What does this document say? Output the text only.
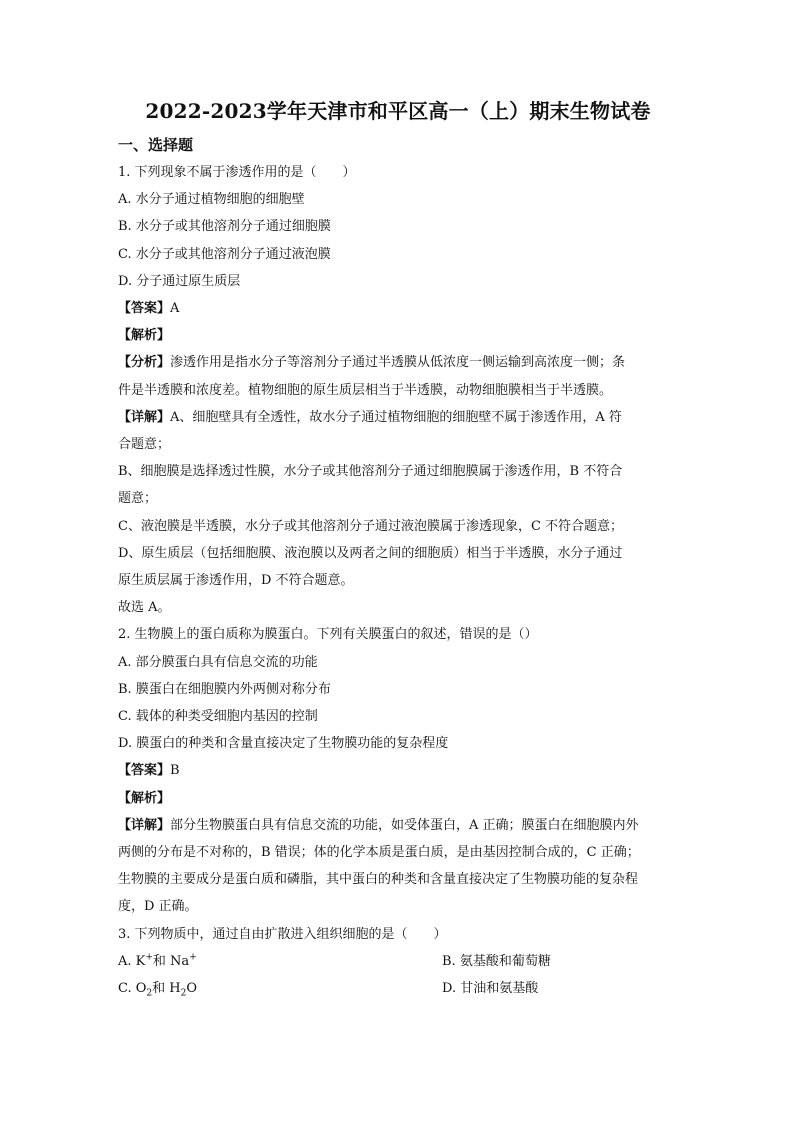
2022-2023学年天津市和平区高一（上）期末生物试卷
一、选择题
1. 下列现象不属于渗透作用的是（　　）
A. 水分子通过植物细胞的细胞壁
B. 水分子或其他溶剂分子通过细胞膜
C. 水分子或其他溶剂分子通过液泡膜
D. 分子通过原生质层
【答案】A
【解析】
【分析】渗透作用是指水分子等溶剂分子通过半透膜从低浓度一侧运输到高浓度一侧；条
件是半透膜和浓度差。植物细胞的原生质层相当于半透膜，动物细胞膜相当于半透膜。
【详解】A、细胞壁具有全透性，故水分子通过植物细胞的细胞壁不属于渗透作用，A 符
合题意；
B、细胞膜是选择透过性膜，水分子或其他溶剂分子通过细胞膜属于渗透作用，B 不符合
题意；
C、液泡膜是半透膜，水分子或其他溶剂分子通过液泡膜属于渗透现象，C 不符合题意；
D、原生质层（包括细胞膜、液泡膜以及两者之间的细胞质）相当于半透膜，水分子通过
原生质层属于渗透作用，D 不符合题意。
故选 A。
2. 生物膜上的蛋白质称为膜蛋白。下列有关膜蛋白的叙述，错误的是（）
A. 部分膜蛋白具有信息交流的功能
B. 膜蛋白在细胞膜内外两侧对称分布
C. 载体的种类受细胞内基因的控制
D. 膜蛋白的种类和含量直接决定了生物膜功能的复杂程度
【答案】B
【解析】
【详解】部分生物膜蛋白具有信息交流的功能，如受体蛋白，A 正确；膜蛋白在细胞膜内外
两侧的分布是不对称的，B 错误；体的化学本质是蛋白质，是由基因控制合成的，C 正确；
生物膜的主要成分是蛋白质和磷脂，其中蛋白的种类和含量直接决定了生物膜功能的复杂程
度，D 正确。
3. 下列物质中，通过自由扩散进入组织细胞的是（　　）
A. K+和 Na+	B. 氨基酸和葡萄糖
C. $O_2$和 $H_2O$	D. 甘油和氨基酸
